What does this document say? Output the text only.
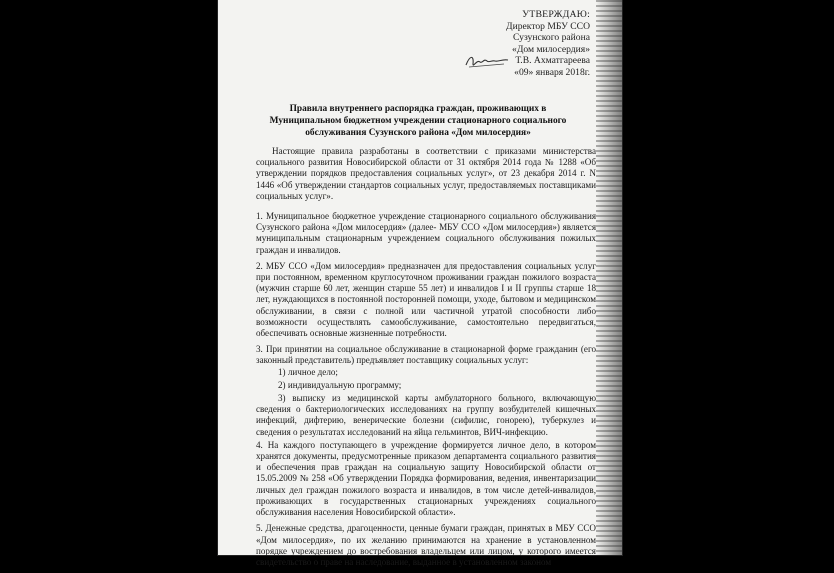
УТВЕРЖДАЮ:
Директор МБУ ССО
Сузунского района
«Дом милосердия»
Т.В. Ахматгареева
«09» января 2018г.
Правила внутреннего распорядка граждан, проживающих в
Муниципальном бюджетном учреждении стационарного социального
обслуживания Сузунского района «Дом милосердия»

Настоящие правила разработаны в соответствии с приказами министерства социального развития Новосибирской области от 31 октября 2014 года № 1288 «Об утверждении порядков предоставления социальных услуг», от 23 декабря 2014 г. N 1446 «Об утверждении стандартов социальных услуг, предоставляемых поставщиками социальных услуг».

1. Муниципальное бюджетное учреждение стационарного социального обслуживания Сузунского района «Дом милосердия» (далее- МБУ ССО «Дом милосердия») является муниципальным стационарным учреждением социального обслуживания пожилых граждан и инвалидов.

2. МБУ ССО «Дом милосердия» предназначен для предоставления социальных услуг при постоянном, временном круглосуточном проживании граждан пожилого возраста (мужчин старше 60 лет, женщин старше 55 лет) и инвалидов I и II группы старше 18 лет, нуждающихся в постоянной посторонней помощи, уходе, бытовом и медицинском обслуживании, в связи с полной или частичной утратой способности либо возможности осуществлять самообслуживание, самостоятельно передвигаться, обеспечивать основные жизненные потребности.

3. При принятии на социальное обслуживание в стационарной форме гражданин (его законный представитель) предъявляет поставщику социальных услуг:

1) личное дело;
2) индивидуальную программу;
3) выписку из медицинской карты амбулаторного больного, включающую сведения о бактериологических исследованиях на группу возбудителей кишечных инфекций, дифтерию, венерические болезни (сифилис, гонорею), туберкулез и сведения о результатах исследований на яйца гельминтов, ВИЧ-инфекцию.

4. На каждого поступающего в учреждение формируется личное дело, в котором хранятся документы, предусмотренные приказом департамента социального развития и обеспечения прав граждан на социальную защиту Новосибирской области от 15.05.2009 № 258 «Об утверждении Порядка формирования, ведения, инвентаризации личных дел граждан пожилого возраста и инвалидов, в том числе детей-инвалидов, проживающих в государственных стационарных учреждениях социального обслуживания населения Новосибирской области».

5. Денежные средства, драгоценности, ценные бумаги граждан, принятых в МБУ ССО «Дом милосердия», по их желанию принимаются на хранение в установленном порядке учреждением до востребования владельцем или лицом, у которого имеется свидетельство о праве на наследование, выданное в установленном законом
